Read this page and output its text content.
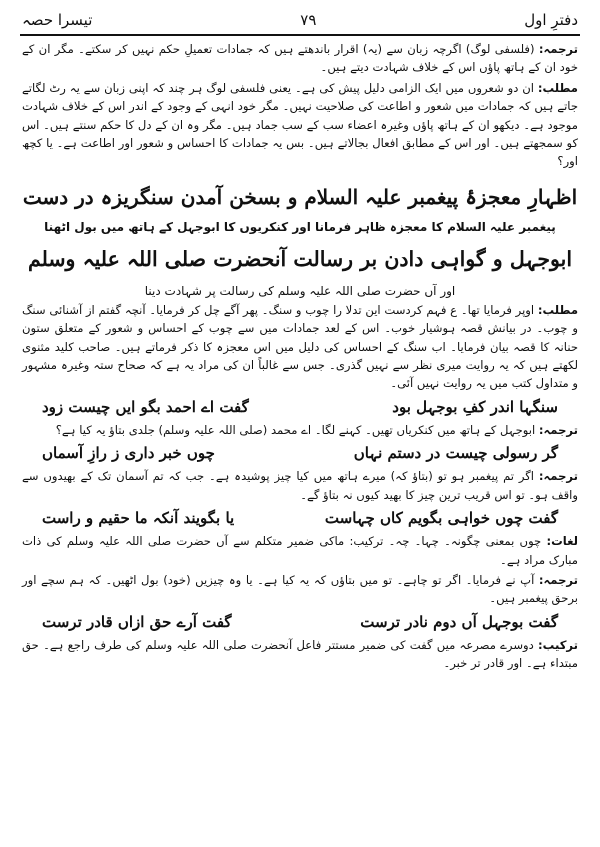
دفترِ اول
۷۹
تیسرا حصہ

ترجمہ: (فلسفی لوگ) اگرچہ زبان سے (یہ) اقرار باندھتے ہیں کہ جمادات تعمیلِ حکم نہیں کر سکتے۔ مگر ان کے خود ان کے ہاتھ پاؤں اس کے خلاف شہادت دیتے ہیں۔

مطلب: ان دو شعروں میں ایک الزامی دلیل پیش کی ہے۔ یعنی فلسفی لوگ ہر چند کہ اپنی زبان سے یہ رٹ لگاتے جاتے ہیں کہ جمادات میں شعور و اطاعت کی صلاحیت نہیں۔ مگر خود انہی کے وجود کے اندر اس کے خلاف شہادت موجود ہے۔ دیکھو ان کے ہاتھ پاؤں وغیرہ اعضاء سب کے سب جماد ہیں۔ مگر وہ ان کے دل کا حکم سنتے ہیں۔ اس کو سمجھتے ہیں۔ اور اس کے مطابق افعال بجالاتے ہیں۔ بس یہ جمادات کا احساس و شعور اور اطاعت ہے۔ یا کچھ اور؟

اظہارِ معجزۂ پیغمبر علیہ السلام و بسخن آمدن سنگریزہ در دست
پیغمبر علیہ السلام کا معجزہ ظاہر فرمانا اور کنکریوں کا ابوجہل کے ہاتھ میں بول اٹھنا
ابوجہل و گواہی دادن بر رسالت آنحضرت صلی اللہ علیہ وسلم
اور آں حضرت صلی اللہ علیہ وسلم کی رسالت پر شہادت دینا

مطلب: اوپر فرمایا تھا۔ ع فہم کردست این تدلا را چوب و سنگ۔ پھر آگے چل کر فرمایا۔ آنچہ گفتم از آشنائی سنگ و چوب۔ در بیانش قصہ ہوشیار خوب۔ اس کے لعد جمادات میں سے چوب کے احساس و شعور کے متعلق ستون حنانہ کا قصہ بیان فرمایا۔ اب سنگ کے احساس کی دلیل میں اس معجزہ کا ذکر فرماتے ہیں۔ صاحب کلید مثنوی لکھتے ہیں کہ یہ روایت میری نظر سے نہیں گذری۔ جس سے غالباً ان کی مراد یہ ہے کہ صحاح ستہ وغیرہ مشہور و متداول کتب میں یہ روایت نہیں آئی۔

سنگہا اندر کفِ بوجہل بود
گفت اے احمد بگو ایں چیست زود

ترجمہ: ابوجہل کے ہاتھ میں کنکریاں تھیں۔ کہنے لگا۔ اے محمد (صلی اللہ علیہ وسلم) جلدی بتاؤ یہ کیا ہے؟

گر رسولی چیست در دستم نہاں
چوں خبر داری ز رازِ آسماں

ترجمہ: اگر تم پیغمبر ہو تو (بتاؤ کہ) میرے ہاتھ میں کیا چیز پوشیدہ ہے۔ جب کہ تم آسمان تک کے بھیدوں سے واقف ہو۔ تو اس قریب ترین چیز کا بھید کیوں نہ بتاؤ گے۔

گفت چوں خواہی بگویم کاں چہاست
یا بگویند آنکہ ما حقیم و راست

لغات: چوں بمعنی چگونہ۔ چہا۔ چہ۔ ترکیب: ماکی ضمیر متکلم سے آں حضرت صلی اللہ علیہ وسلم کی ذات مبارک مراد ہے۔

ترجمہ: آپ نے فرمایا۔ اگر تو چاہے۔ تو میں بتاؤں کہ یہ کیا ہے۔ یا وہ چیزیں (خود) بول اٹھیں۔ کہ ہم سچے اور برحق پیغمبر ہیں۔

گفت بوجہل آں دوم نادر ترست
گفت آرے حق ازاں قادر ترست

ترکیب: دوسرے مصرعہ میں گفت کی ضمیر مستتر فاعل آنحضرت صلی اللہ علیہ وسلم کی طرف راجع ہے۔ حق مبتداء ہے۔ اور قادر تر خبر۔
